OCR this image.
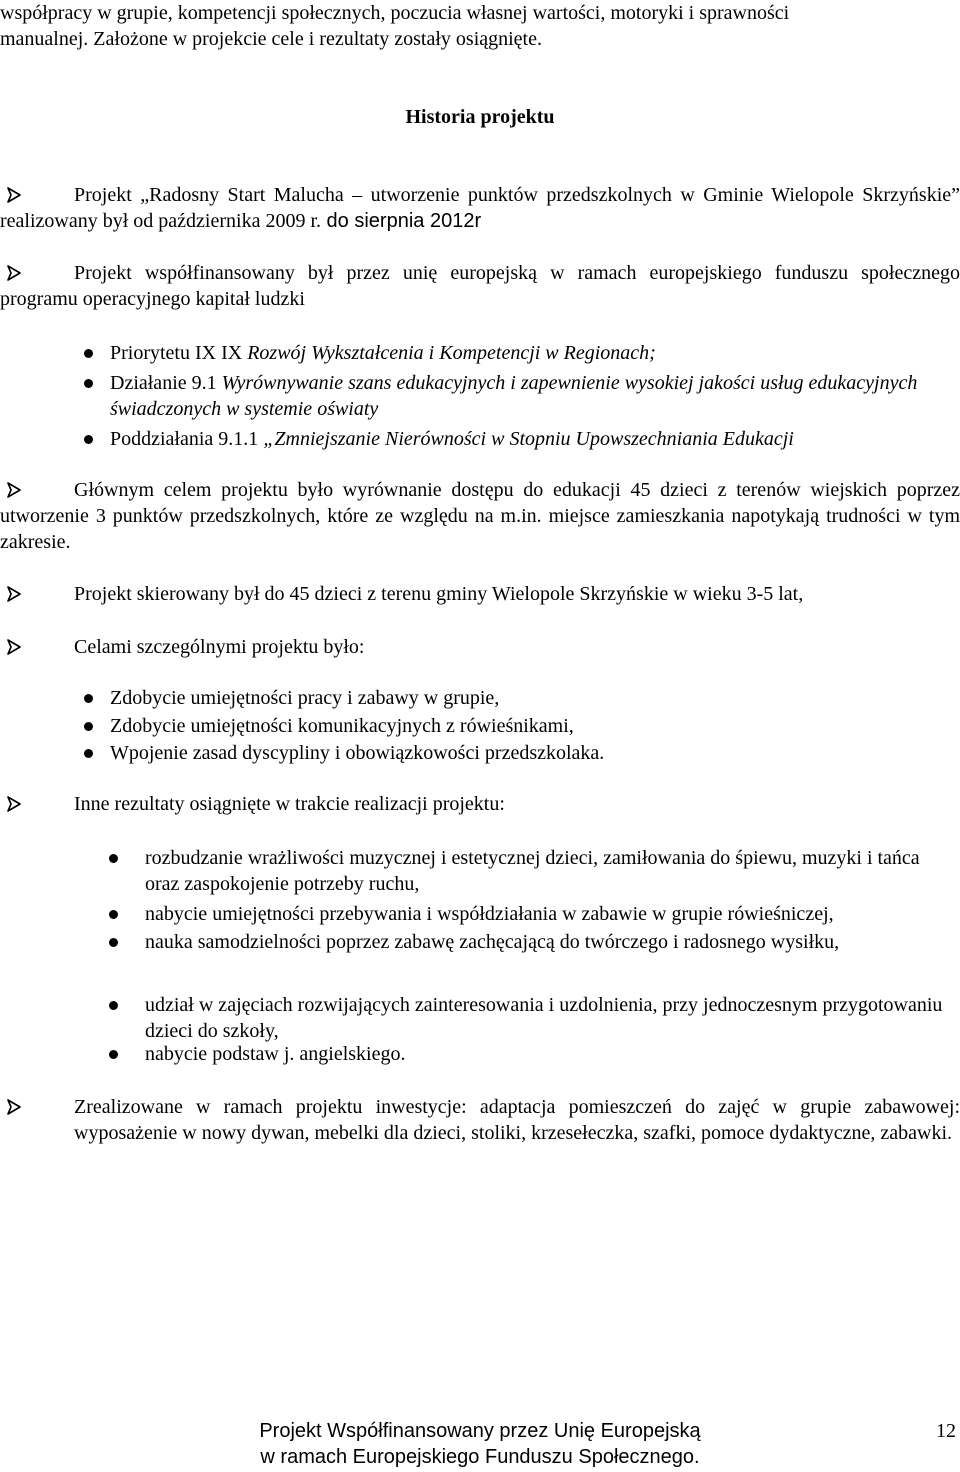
współpracy w grupie, kompetencji społecznych, poczucia własnej wartości, motoryki i sprawności

manualnej. Założone w projekcie cele i rezultaty zostały osiągnięte.

Historia projektu

Projekt „Radosny Start Malucha – utworzenie punktów przedszkolnych w Gminie Wielopole Skrzyńskie” realizowany był od października 2009 r. do sierpnia 2012r
Projekt współfinansowany był przez unię europejską w ramach europejskiego funduszu społecznego programu operacyjnego kapitał ludzki
Priorytetu IX IX Rozwój Wykształcenia i Kompetencji w Regionach;
Działanie 9.1 Wyrównywanie szans edukacyjnych i zapewnienie wysokiej jakości usług edukacyjnych świadczonych w systemie oświaty
Poddziałania 9.1.1 „Zmniejszanie Nierówności w Stopniu Upowszechniania Edukacji
Głównym celem projektu było wyrównanie dostępu do edukacji 45 dzieci z terenów wiejskich poprzez utworzenie 3 punktów przedszkolnych, które ze względu na m.in. miejsce zamieszkania napotykają trudności w tym zakresie.
Projekt skierowany był do 45 dzieci z terenu gminy Wielopole Skrzyńskie w wieku 3-5 lat,
Celami szczególnymi projektu było:
Zdobycie umiejętności pracy i zabawy w grupie,
Zdobycie umiejętności komunikacyjnych z rówieśnikami,
Wpojenie zasad dyscypliny i obowiązkowości przedszkolaka.
Inne rezultaty osiągnięte w trakcie realizacji projektu:
rozbudzanie wrażliwości muzycznej i estetycznej dzieci, zamiłowania do śpiewu, muzyki i tańca oraz zaspokojenie potrzeby ruchu,
nabycie umiejętności przebywania i współdziałania w zabawie w grupie rówieśniczej,
nauka samodzielności poprzez zabawę zachęcającą do twórczego i radosnego wysiłku,
udział w zajęciach rozwijających zainteresowania i uzdolnienia, przy jednoczesnym przygotowaniu dzieci do szkoły,
nabycie podstaw j. angielskiego.
Zrealizowane w ramach projektu inwestycje: adaptacja pomieszczeń do zajęć w grupie zabawowej: wyposażenie w nowy dywan, mebelki dla dzieci, stoliki, krzesełeczka, szafki, pomoce dydaktyczne, zabawki.
Projekt Współfinansowany przez Unię Europejską
w ramach Europejskiego Funduszu Społecznego.
12
